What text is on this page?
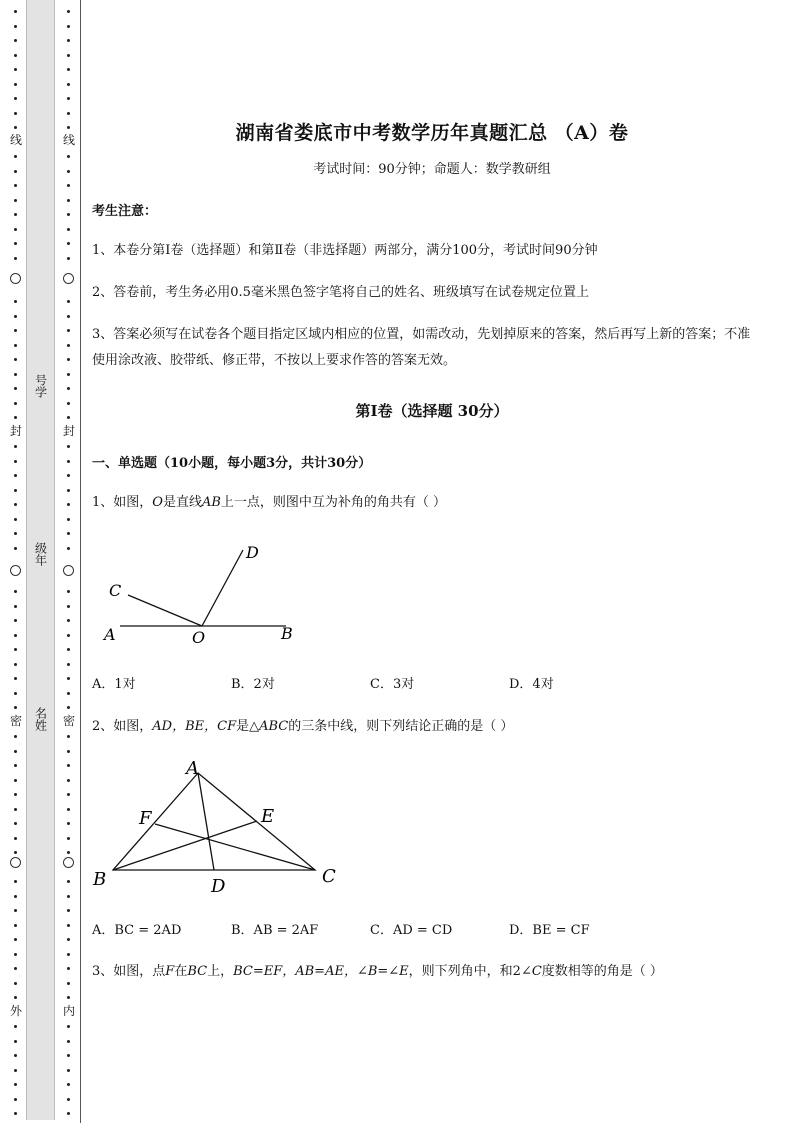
线
封
密
外
线
封
密
内
号学
级年
名姓
湖南省娄底市中考数学历年真题汇总 （A）卷
考试时间：90分钟；命题人：数学教研组
考生注意：
1、本卷分第I卷（选择题）和第Ⅱ卷（非选择题）两部分，满分100分，考试时间90分钟
2、答卷前，考生务必用0.5毫米黑色签字笔将自己的姓名、班级填写在试卷规定位置上
3、答案必须写在试卷各个题目指定区域内相应的位置，如需改动，先划掉原来的答案，然后再写上新的答案；不准使用涂改液、胶带纸、修正带，不按以上要求作答的答案无效。
第I卷（选择题 30分）
一、单选题（10小题，每小题3分，共计30分）
1、如图，O是直线AB上一点，则图中互为补角的角共有（ ）
A	B
C
D
O
A．1对	B．2对	C．3对	D．4对
2、如图，AD，BE，CF是△ABC的三条中线，则下列结论正确的是（ ）
A
B	C
D
E
F
A．BC = 2AD	B．AB = 2AF	C．AD = CD	D．BE = CF
3、如图，点F在BC上，BC=EF，AB=AE，∠B=∠E，则下列角中，和2∠C度数相等的角是（ ）
